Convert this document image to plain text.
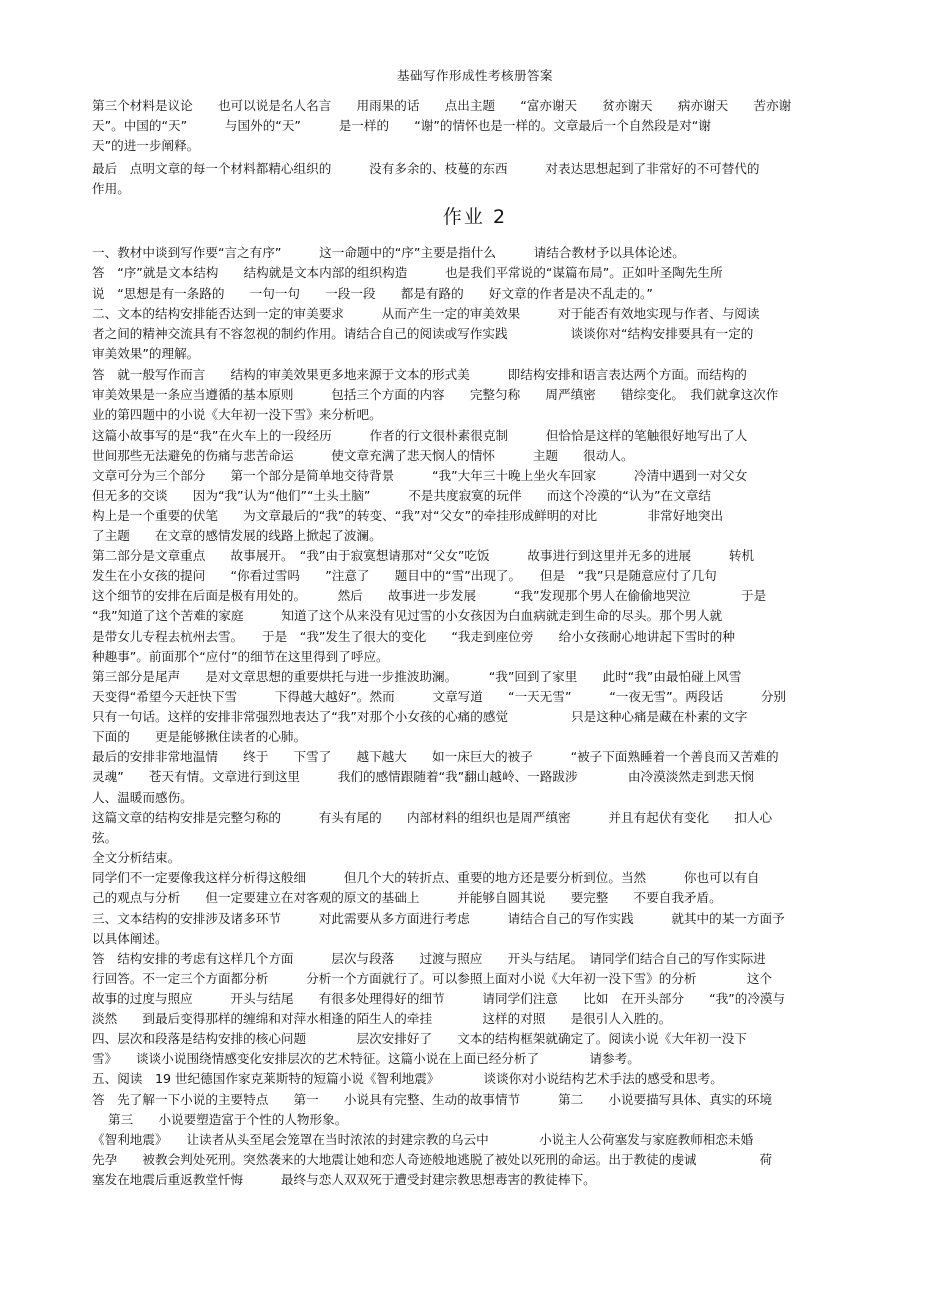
基础写作形成性考核册答案
作业 2
第三个材料是议论　　也可以说是名人名言　　用雨果的话　　点出主题　　“富亦谢天　　贫亦谢天　　病亦谢天　　苦亦谢
天”。中国的“天”　　　与国外的“天”　　　是一样的　　“谢”的情怀也是一样的。文章最后一个自然段是对“谢
天”的进一步阐释。
最后　点明文章的每一个材料都精心组织的　　　没有多余的、枝蔓的东西　　　对表达思想起到了非常好的不可替代的
作用。
一、教材中谈到写作要“言之有序”　　　这一命题中的“序”主要是指什么　　　请结合教材予以具体论述。
答　“序”就是文本结构　　结构就是文本内部的组织构造　　　也是我们平常说的“谋篇布局”。正如叶圣陶先生所
说　“思想是有一条路的　　一句一句　　一段一段　　都是有路的　　好文章的作者是决不乱走的。”
二、文本的结构安排能否达到一定的审美要求　　　从而产生一定的审美效果　　　对于能否有效地实现与作者、与阅读
者之间的精神交流具有不容忽视的制约作用。请结合自己的阅读或写作实践　　　　　谈谈你对“结构安排要具有一定的
审美效果”的理解。
答　就一般写作而言　　结构的审美效果更多地来源于文本的形式美　　　即结构安排和语言表达两个方面。而结构的
审美效果是一条应当遵循的基本原则　　　包括三个方面的内容　　完整匀称　　周严缜密　　错综变化。　我们就拿这次作
业的第四题中的小说《大年初一没下雪》来分析吧。
这篇小故事写的是“我”在火车上的一段经历　　　作者的行文很朴素很克制　　　但恰恰是这样的笔触很好地写出了人
世间那些无法避免的伤痛与悲苦命运　　　使文章充满了悲天悯人的情怀　　　主题　　很动人。
文章可分为三个部分　　第一个部分是简单地交待背景　　　“我”大年三十晚上坐火车回家　　　冷清中遇到一对父女
但无多的交谈　　因为“我”认为“他们”“土头土脑”　　　不是共度寂寞的玩伴　　而这个冷漠的“认为”在文章结
构上是一个重要的伏笔　　为文章最后的“我”的转变、“我”对“父女”的牵挂形成鲜明的对比　　　　非常好地突出
了主题　　在文章的感情发展的线路上掀起了波澜。
第二部分是文章重点　　故事展开。　“我”由于寂寞想请那对“父女”吃饭　　　故事进行到这里并无多的进展　　　转机
发生在小女孩的提问　　“你看过雪吗　　”注意了　　题目中的“雪”出现了。　　但是　“我”只是随意应付了几句
这个细节的安排在后面是极有用处的。　　　然后　　故事进一步发展　　　“我”发现那个男人在偷偷地哭泣　　　　于是
“我”知道了这个苦难的家庭　　　知道了这个从来没有见过雪的小女孩因为白血病就走到生命的尽头。那个男人就
是带女儿专程去杭州去雪。　　于是　“我”发生了很大的变化　　“我走到座位旁　　给小女孩耐心地讲起下雪时的种
种趣事”。前面那个“应付”的细节在这里得到了呼应。
第三部分是尾声　　是对文章思想的重要烘托与进一步推波助澜。　　　“我”回到了家里　　此时“我”由最怕碰上风雪
天变得“希望今天赶快下雪　　　下得越大越好”。然而　　　文章写道　　“一天无雪”　　　“一夜无雪”。两段话　　　分别
只有一句话。这样的安排非常强烈地表达了“我”对那个小女孩的心痛的感觉　　　　　只是这种心痛是藏在朴素的文字
下面的　　更是能够揪住读者的心肺。
最后的安排非常地温情　　终于　　下雪了　　越下越大　　如一床巨大的被子　　　“被子下面熟睡着一个善良而又苦难的
灵魂”　　苍天有情。文章进行到这里　　　我们的感情跟随着“我”翻山越岭、一路跋涉　　　　由冷漠淡然走到悲天悯
人、温暖而感伤。
这篇文章的结构安排是完整匀称的　　　有头有尾的　　内部材料的组织也是周严缜密　　　并且有起伏有变化　　扣人心
弦。
全文分析结束。
同学们不一定要像我这样分析得这般细　　　但几个大的转折点、重要的地方还是要分析到位。当然　　　你也可以有自
己的观点与分析　　但一定要建立在对客观的原文的基础上　　　并能够自圆其说　　要完整　　不要自我矛盾。
三、文本结构的安排涉及诸多环节　　　对此需要从多方面进行考虑　　　请结合自己的写作实践　　　就其中的某一方面予
以具体阐述。
答　结构安排的考虑有这样几个方面　　　层次与段落　　过渡与照应　　开头与结尾。　请同学们结合自己的写作实际进
行回答。不一定三个方面都分析　　　分析一个方面就行了。可以参照上面对小说《大年初一没下雪》的分析　　　　这个
故事的过度与照应　　　开头与结尾　　有很多处理得好的细节　　　请同学们注意　　比如　在开头部分　　“我”的冷漠与
淡然　　到最后变得那样的缠绵和对萍水相逢的陌生人的牵挂　　　　这样的对照　　是很引人入胜的。
四、层次和段落是结构安排的核心问题　　　　层次安排好了　　文本的结构框架就确定了。阅读小说《大年初一没下
雪》　　谈谈小说围绕情感变化安排层次的艺术特征。这篇小说在上面已经分析了　　　　请参考。
五、阅读　19 世纪德国作家克莱斯特的短篇小说《智利地震》　　　　谈谈你对小说结构艺术手法的感受和思考。
答　先了解一下小说的主要特点　　第一　　小说具有完整、生动的故事情节　　　第二　　小说要描写具体、真实的环境
第三　　小说要塑造富于个性的人物形象。
《智利地震》　　让读者从头至尾会笼罩在当时浓浓的封建宗教的乌云中　　　　小说主人公荷塞发与家庭教师相恋未婚
先孕　　被教会判处死刑。突然袭来的大地震让她和恋人奇迹般地逃脱了被处以死刑的命运。出于教徒的虔诚　　　　　荷
塞发在地震后重返教堂忏悔　　　最终与恋人双双死于遭受封建宗教思想毒害的教徒棒下。
